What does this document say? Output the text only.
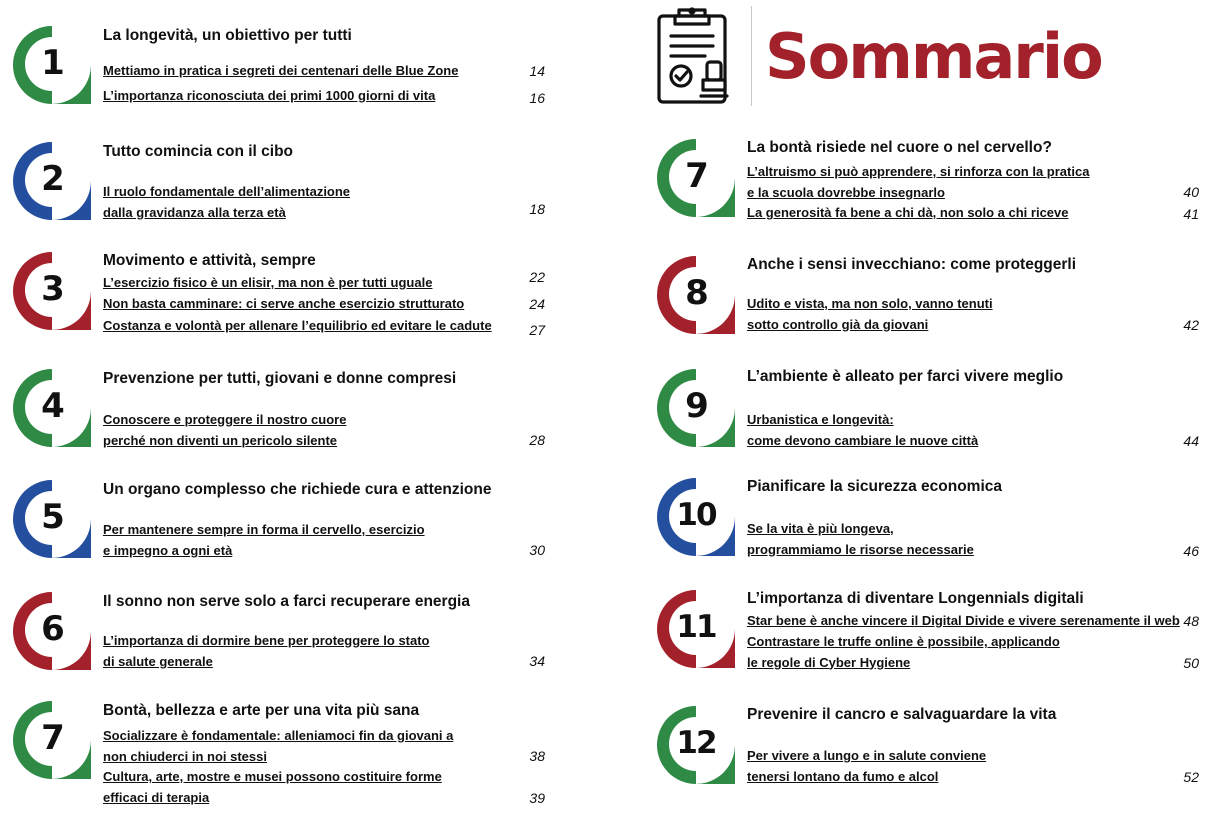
Sommario
1
La longevità, un obiettivo per tutti
Mettiamo in pratica i segreti dei centenari delle Blue Zone	14
L’importanza riconosciuta dei primi 1000 giorni di vita	16
2
Tutto comincia con il cibo
Il ruolo fondamentale dell’alimentazione
dalla gravidanza alla terza età	18
3
Movimento e attività, sempre
L’esercizio fisico è un elisir, ma non è per tutti uguale	22
Non basta camminare: ci serve anche esercizio strutturato	24
Costanza e volontà per allenare l’equilibrio ed evitare le cadute	27
4
Prevenzione per tutti, giovani e donne compresi
Conoscere e proteggere il nostro cuore
perché non diventi un pericolo silente	28
5
Un organo complesso che richiede cura e attenzione
Per mantenere sempre in forma il cervello, esercizio
e impegno a ogni età	30
6
Il sonno non serve solo a farci recuperare energia
L’importanza di dormire bene per proteggere lo stato
di salute generale	34
7
Bontà, bellezza e arte per una vita più sana
Socializzare è fondamentale: alleniamoci fin da giovani a
non chiuderci in noi stessi	38
Cultura, arte, mostre e musei possono costituire forme
efficaci di terapia	39
7
La bontà risiede nel cuore o nel cervello?
L’altruismo si può apprendere, si rinforza con la pratica
e la scuola dovrebbe insegnarlo	40
La generosità fa bene a chi dà, non solo a chi riceve	41
8
Anche i sensi invecchiano: come proteggerli
Udito e vista, ma non solo, vanno tenuti
sotto controllo già da giovani	42
9
L’ambiente è alleato per farci vivere meglio
Urbanistica e longevità:
come devono cambiare le nuove città	44
10
Pianificare la sicurezza economica
Se la vita è più longeva,
programmiamo le risorse necessarie	46
11
L’importanza di diventare Longennials digitali
Star bene è anche vincere il Digital Divide e vivere serenamente il web 48
Contrastare le truffe online è possibile, applicando
le regole di Cyber Hygiene	50
12
Prevenire il cancro e salvaguardare la vita
Per vivere a lungo e in salute conviene
tenersi lontano da fumo e alcol	52
